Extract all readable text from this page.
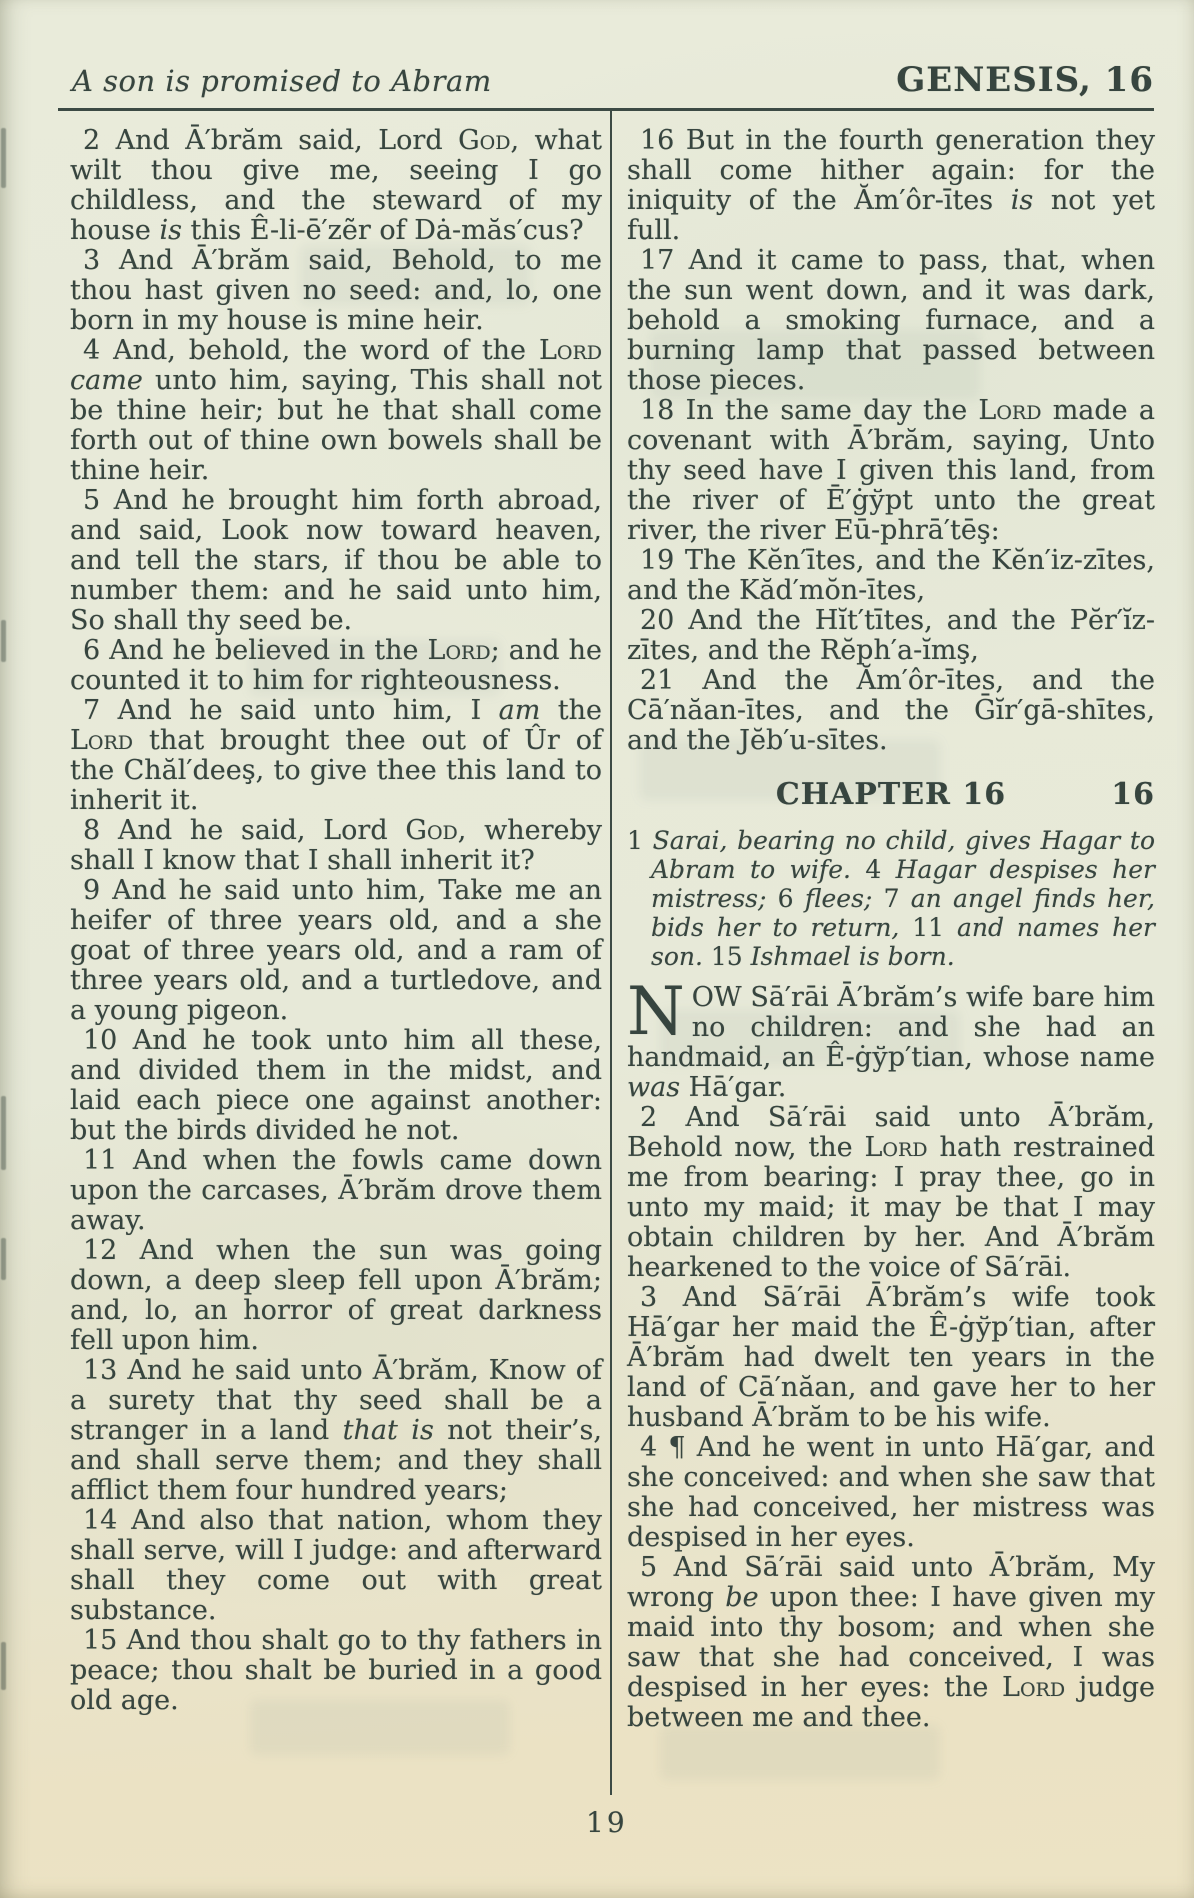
A son is promised to Abram	GENESIS, 16

2 And Ā′brăm said, Lord God, what wilt thou give me, seeing I go childless, and the steward of my house is this Ê-li-ē′zẽr of Dȧ-măs′cus?

3 And Ā′brăm said, Behold, to me thou hast given no seed: and, lo, one born in my house is mine heir.

4 And, behold, the word of the Lord came unto him, saying, This shall not be thine heir; but he that shall come forth out of thine own bowels shall be thine heir.

5 And he brought him forth abroad, and said, Look now toward heaven, and tell the stars, if thou be able to number them: and he said unto him, So shall thy seed be.

6 And he believed in the Lord; and he counted it to him for righteousness.

7 And he said unto him, I am the Lord that brought thee out of Ûr of the Chăl′deeş, to give thee this land to inherit it.

8 And he said, Lord God, whereby shall I know that I shall inherit it?

9 And he said unto him, Take me an heifer of three years old, and a she goat of three years old, and a ram of three years old, and a turtledove, and a young pigeon.

10 And he took unto him all these, and divided them in the midst, and laid each piece one against another: but the birds divided he not.

11 And when the fowls came down upon the carcases, Ā′brăm drove them away.

12 And when the sun was going down, a deep sleep fell upon Ā′brăm; and, lo, an horror of great darkness fell upon him.

13 And he said unto Ā′brăm, Know of a surety that thy seed shall be a stranger in a land that is not their’s, and shall serve them; and they shall afflict them four hundred years;

14 And also that nation, whom they shall serve, will I judge: and afterward shall they come out with great substance.

15 And thou shalt go to thy fathers in peace; thou shalt be buried in a good old age.

16 But in the fourth generation they shall come hither again: for the iniquity of the Ăm′ôr-ītes is not yet full.

17 And it came to pass, that, when the sun went down, and it was dark, behold a smoking furnace, and a burning lamp that passed between those pieces.

18 In the same day the Lord made a covenant with Ā′brăm, saying, Unto thy seed have I given this land, from the river of Ē′ġўpt unto the great river, the river Eū-phrā′tēş:

19 The Kĕn′ītes, and the Kĕn′iz-zītes, and the Kăd′mŏn-ītes,

20 And the Hĭt′tītes, and the Pĕr′ĭz-zītes, and the Rĕph′a-ĭmş,

21 And the Ăm′ôr-ītes, and the Cā′năan-ītes, and the Ḡĭr′gā-shītes, and the Jĕb′u-sītes.

CHAPTER 16	16

1 Sarai, bearing no child, gives Hagar to Abram to wife. 4 Hagar despises her mistress; 6 flees; 7 an angel finds her, bids her to return, 11 and names her son. 15 Ishmael is born.

NOW Sā′rāi Ā′brăm’s wife bare him no children: and she had an handmaid, an Ê-ġўp′tian, whose name was Hā′gar.

2 And Sā′rāi said unto Ā′brăm, Behold now, the Lord hath restrained me from bearing: I pray thee, go in unto my maid; it may be that I may obtain children by her. And Ā′brăm hearkened to the voice of Sā′rāi.

3 And Sā′rāi Ā′brăm’s wife took Hā′gar her maid the Ê-ġўp′tian, after Ā′brăm had dwelt ten years in the land of Cā′năan, and gave her to her husband Ā′brăm to be his wife.

4 ¶ And he went in unto Hā′gar, and she conceived: and when she saw that she had conceived, her mistress was despised in her eyes.

5 And Sā′rāi said unto Ā′brăm, My wrong be upon thee: I have given my maid into thy bosom; and when she saw that she had conceived, I was despised in her eyes: the Lord judge between me and thee.

19
